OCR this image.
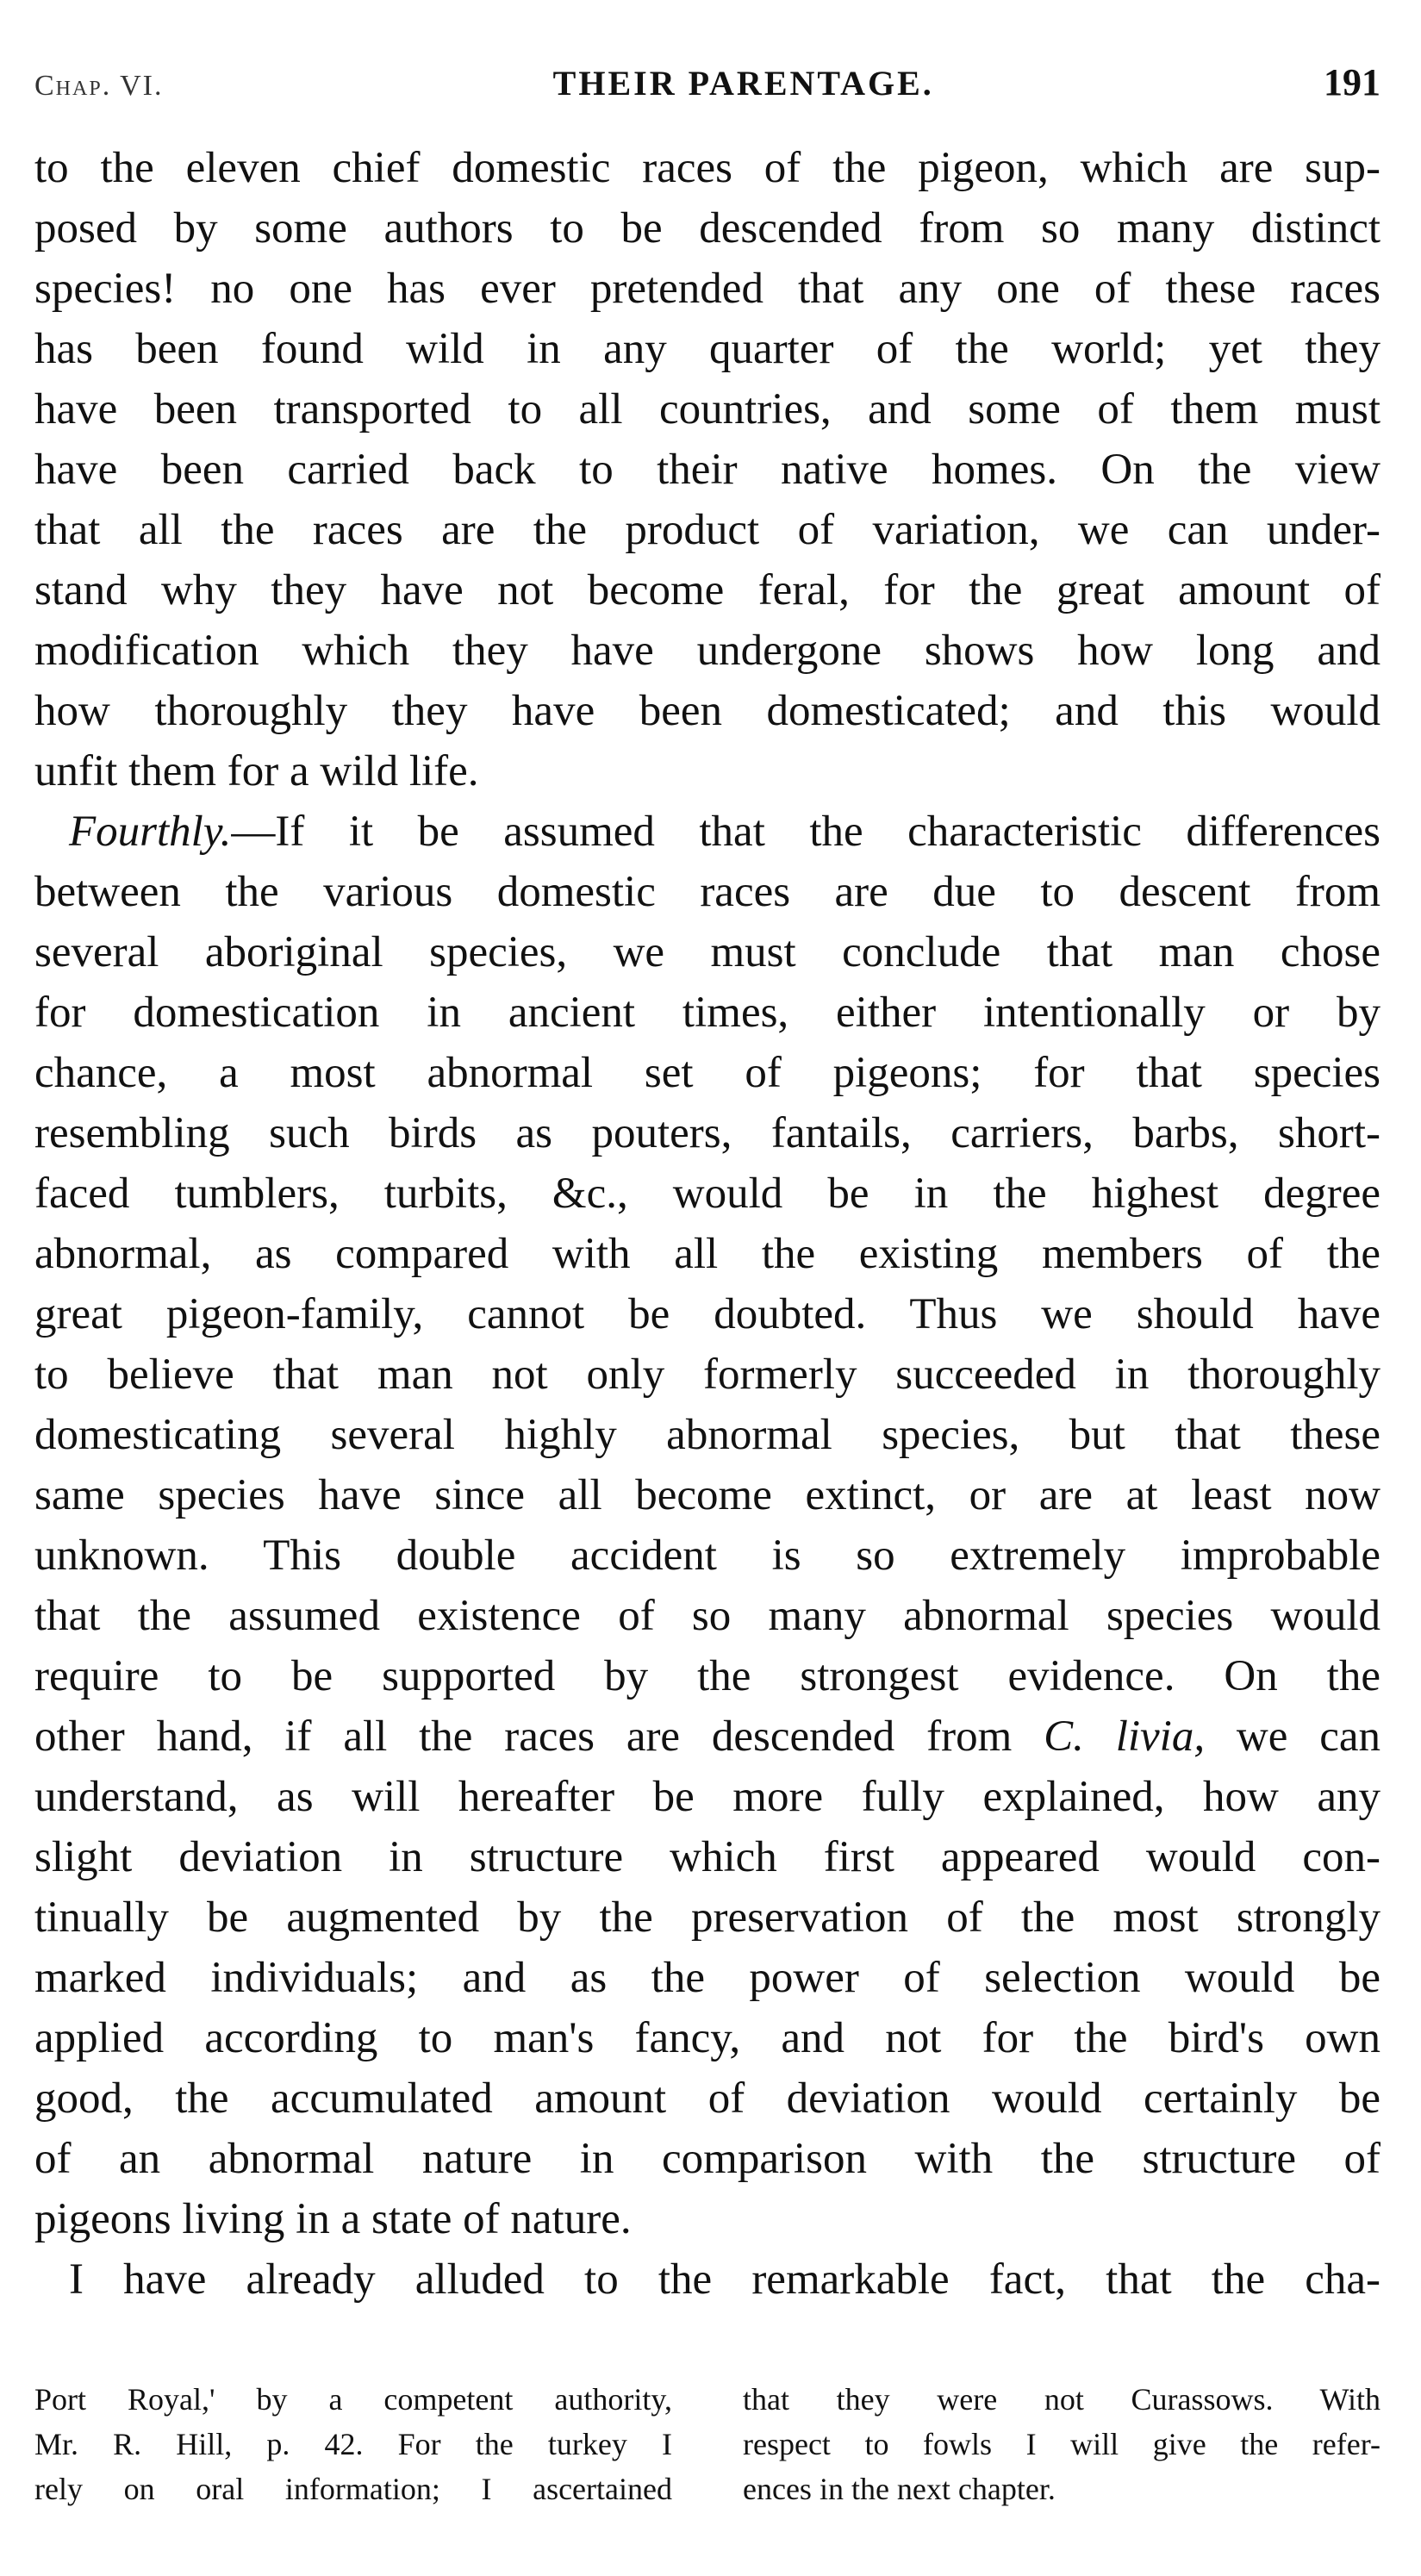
Chap. VI.	THEIR PARENTAGE.	191
to the eleven chief domestic races of the pigeon, which are sup-
posed by some authors to be descended from so many distinct
species! no one has ever pretended that any one of these races
has been found wild in any quarter of the world; yet they
have been transported to all countries, and some of them must
have been carried back to their native homes. On the view
that all the races are the product of variation, we can under-
stand why they have not become feral, for the great amount of
modification which they have undergone shows how long and
how thoroughly they have been domesticated; and this would
unfit them for a wild life.
Fourthly.—If it be assumed that the characteristic differences
between the various domestic races are due to descent from
several aboriginal species, we must conclude that man chose
for domestication in ancient times, either intentionally or by
chance, a most abnormal set of pigeons; for that species
resembling such birds as pouters, fantails, carriers, barbs, short-
faced tumblers, turbits, &c., would be in the highest degree
abnormal, as compared with all the existing members of the
great pigeon-family, cannot be doubted. Thus we should have
to believe that man not only formerly succeeded in thoroughly
domesticating several highly abnormal species, but that these
same species have since all become extinct, or are at least now
unknown. This double accident is so extremely improbable
that the assumed existence of so many abnormal species would
require to be supported by the strongest evidence. On the
other hand, if all the races are descended from C. livia, we can
understand, as will hereafter be more fully explained, how any
slight deviation in structure which first appeared would con-
tinually be augmented by the preservation of the most strongly
marked individuals; and as the power of selection would be
applied according to man's fancy, and not for the bird's own
good, the accumulated amount of deviation would certainly be
of an abnormal nature in comparison with the structure of
pigeons living in a state of nature.
I have already alluded to the remarkable fact, that the cha-
Port Royal,' by a competent authority,
Mr. R. Hill, p. 42. For the turkey I
rely on oral information; I ascertained
that they were not Curassows. With
respect to fowls I will give the refer-
ences in the next chapter.
